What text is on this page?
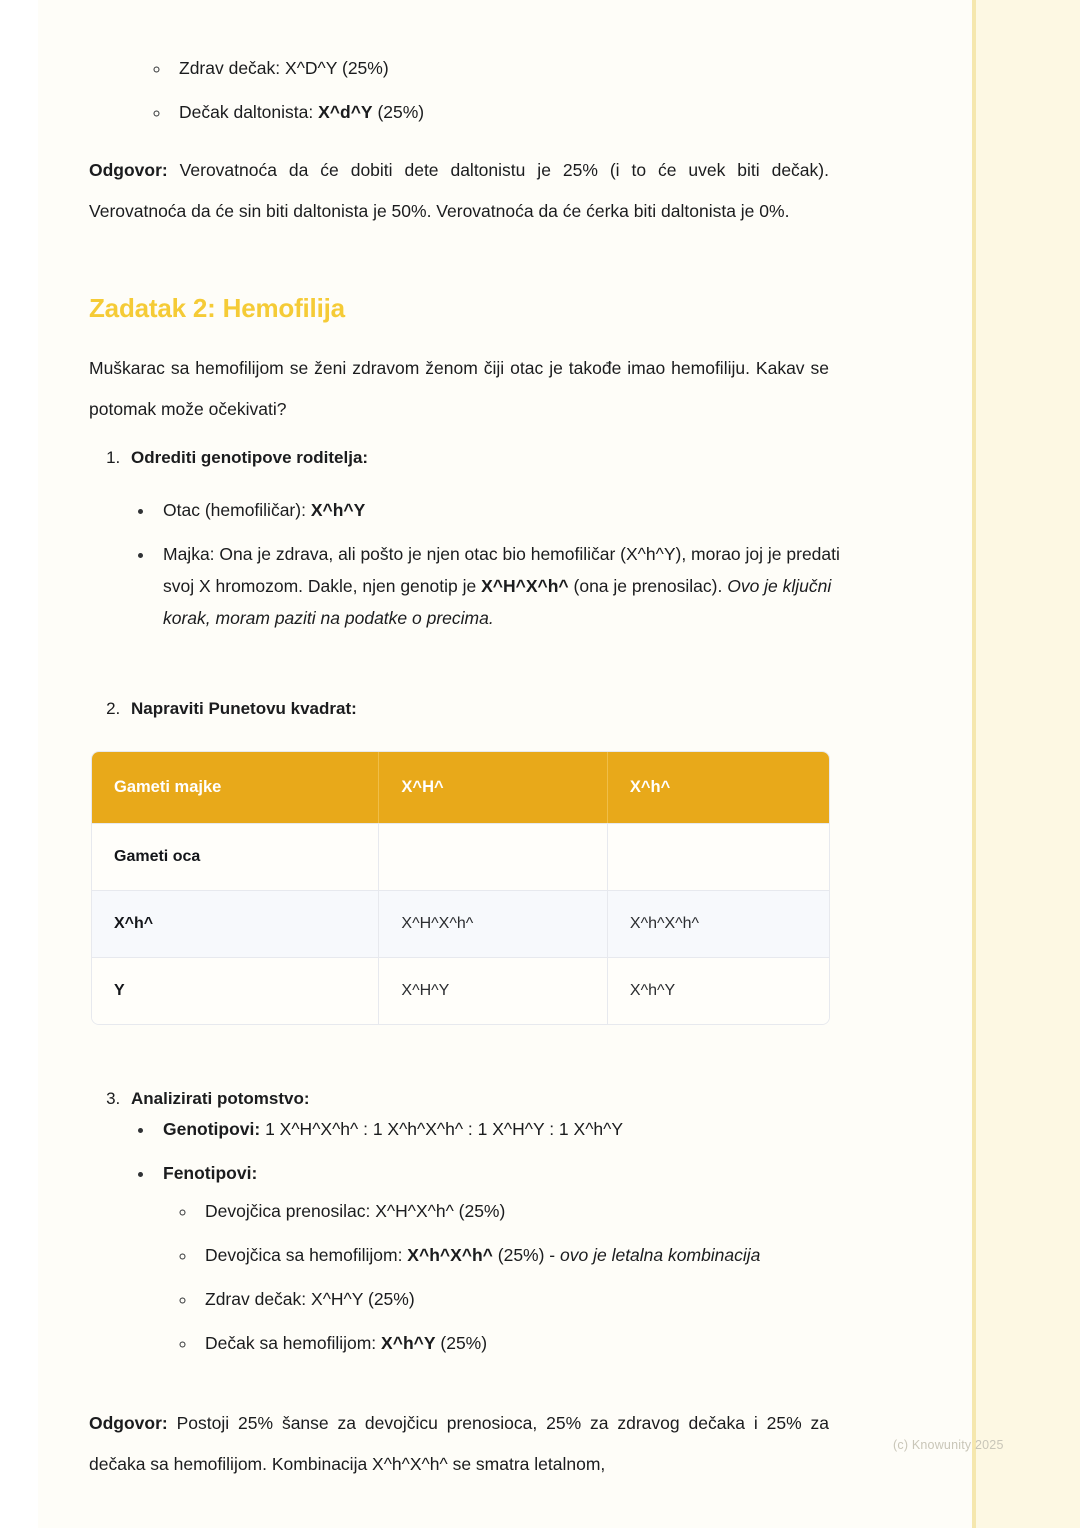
◦ Zdrav dečak: X^D^Y (25%)
◦ Dečak daltonista: X^d^Y (25%)

Odgovor: Verovatnoća da će dobiti dete daltonistu je 25% (i to će uvek biti dečak). Verovatnoća da će sin biti daltonista je 50%. Verovatnoća da će ćerka biti daltonista je 0%.

Zadatak 2: Hemofilija

Muškarac sa hemofilijom se ženi zdravom ženom čiji otac je takođe imao hemofiliju. Kakav se potomak može očekivati?

1. Odrediti genotipove roditelja:
• Otac (hemofiličar): X^h^Y
• Majka: Ona je zdrava, ali pošto je njen otac bio hemofiličar (X^h^Y), morao joj je predati svoj X hromozom. Dakle, njen genotip je X^H^X^h^ (ona je prenosilac). Ovo je ključni korak, moram paziti na podatke o precima.
2. Napraviti Punetovu kvadrat:
Gameti majke	X^H^	X^h^
Gameti oca		
X^h^	X^H^X^h^	X^h^X^h^
Y	X^H^Y	X^h^Y
3. Analizirati potomstvo:
• Genotipovi: 1 X^H^X^h^ : 1 X^h^X^h^ : 1 X^H^Y : 1 X^h^Y
• Fenotipovi:
◦ Devojčica prenosilac: X^H^X^h^ (25%)
◦ Devojčica sa hemofilijom: X^h^X^h^ (25%) - ovo je letalna kombinacija
◦ Zdrav dečak: X^H^Y (25%)
◦ Dečak sa hemofilijom: X^h^Y (25%)

Odgovor: Postoji 25% šanse za devojčicu prenosioca, 25% za zdravog dečaka i 25% za dečaka sa hemofilijom. Kombinacija X^h^X^h^ se smatra letalnom,

(c) Knowunity 2025
